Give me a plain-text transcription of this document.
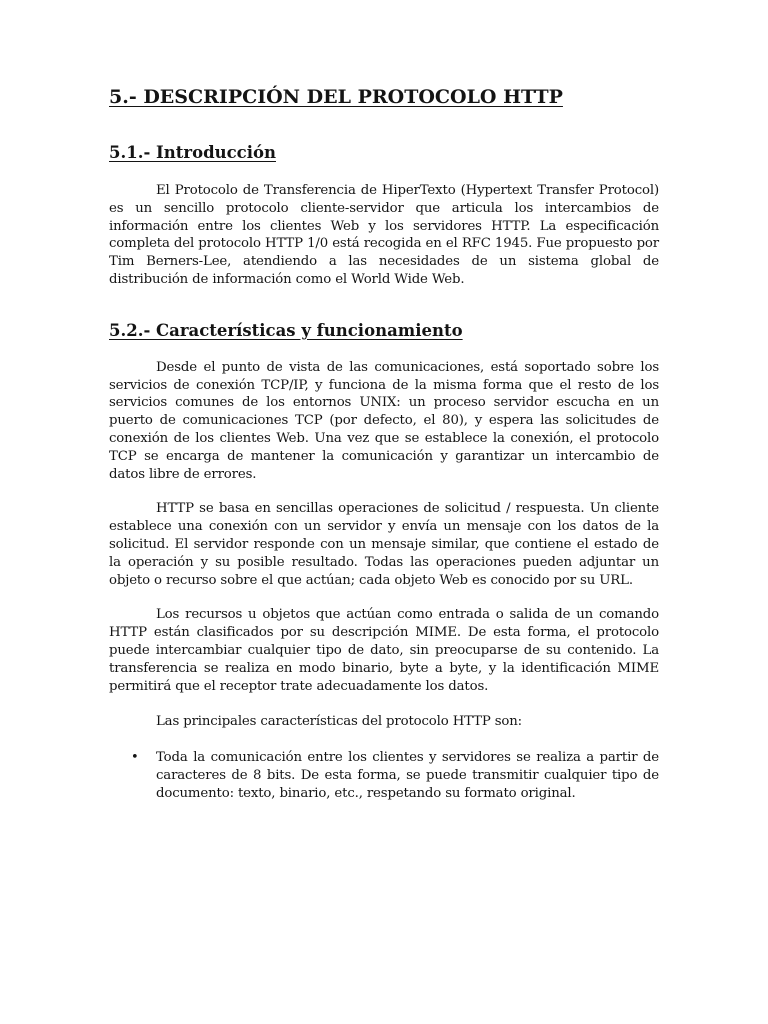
5.- DESCRIPCIÓN DEL PROTOCOLO HTTP
5.1.- Introducción

El Protocolo de Transferencia de HiperTexto (Hypertext Transfer Protocol) es un sencillo protocolo cliente-servidor que articula los intercambios de información entre los clientes Web y los servidores HTTP. La especificación completa del protocolo HTTP 1/0 está recogida en el RFC 1945. Fue propuesto por Tim Berners-Lee, atendiendo a las necesidades de un sistema global de distribución de información como el World Wide Web.

5.2.- Características y funcionamiento

Desde el punto de vista de las comunicaciones, está soportado sobre los servicios de conexión TCP/IP, y funciona de la misma forma que el resto de los servicios comunes de los entornos UNIX: un proceso servidor escucha en un puerto de comunicaciones TCP (por defecto, el 80), y espera las solicitudes de conexión de los clientes Web. Una vez que se establece la conexión, el protocolo TCP se encarga de mantener la comunicación y garantizar un intercambio de datos libre de errores.

HTTP se basa en sencillas operaciones de solicitud / respuesta. Un cliente establece una conexión con un servidor y envía un mensaje con los datos de la solicitud. El servidor responde con un mensaje similar, que contiene el estado de la operación y su posible resultado. Todas las operaciones pueden adjuntar un objeto o recurso sobre el que actúan; cada objeto Web es conocido por su URL.

Los recursos u objetos que actúan como entrada o salida de un comando HTTP están clasificados por su descripción MIME. De esta forma, el protocolo puede intercambiar cualquier tipo de dato, sin preocuparse de su contenido. La transferencia se realiza en modo binario, byte a byte, y la identificación MIME permitirá que el receptor trate adecuadamente los datos.

Las principales características del protocolo HTTP son:

• Toda la comunicación entre los clientes y servidores se realiza a partir de caracteres de 8 bits. De esta forma, se puede transmitir cualquier tipo de documento: texto, binario, etc., respetando su formato original.
